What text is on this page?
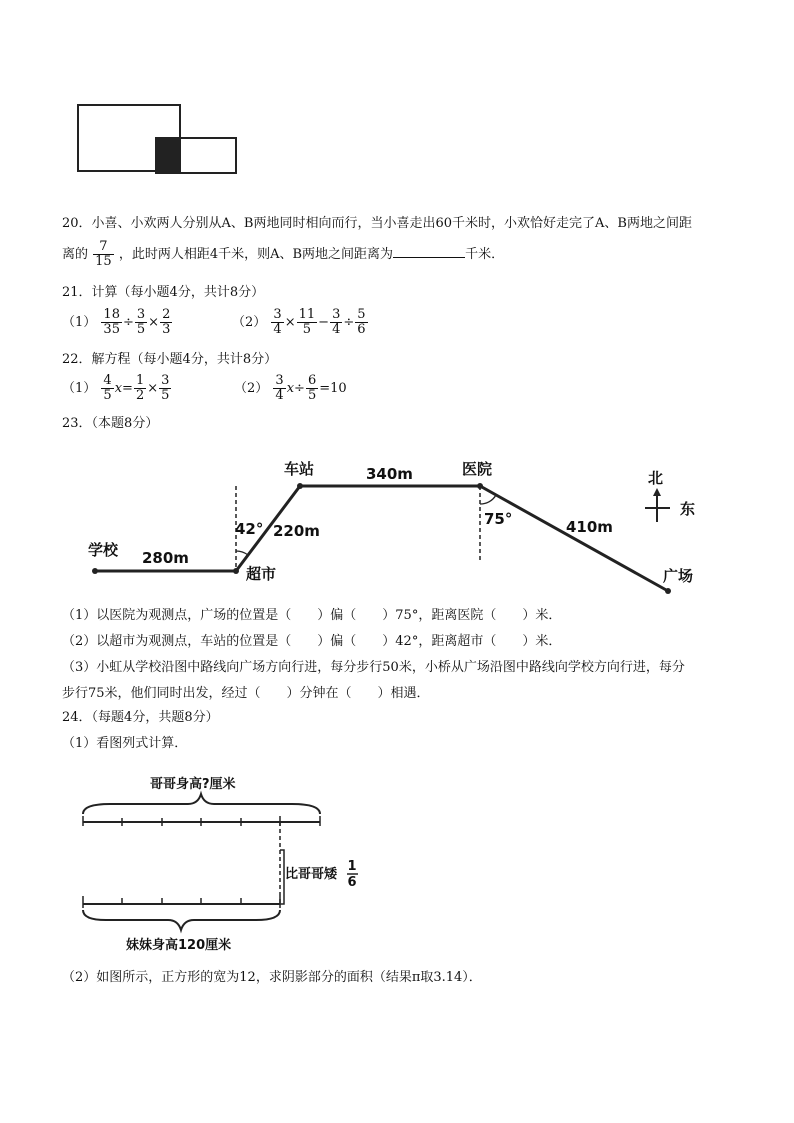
20．小喜、小欢两人分别从A、B两地同时相向而行，当小喜走出60千米时，小欢恰好走完了A、B两地之间距
离的 $\frac{7}{15}$ ，此时两人相距4千米，则A、B两地之间距离为	千米．
21．计算（每小题4分，共计8分）
$(1) \frac{18}{35} \div \frac{3}{5} \times \frac{2}{3}$	$(2) \frac{3}{4} \times \frac{11}{5} - \frac{3}{4} \div \frac{5}{6}$
22．解方程（每小题4分，共计8分）
$(1) \frac{4}{5} x= \frac{1}{2} \times \frac{3}{5}$	$(2) \frac{3}{4} x\div \frac{6}{5} =10$
23．（本题8分）
学校 280m
超市
42° 220m
车站	340m	医院
75°	410m
广场
北
东
（1）以医院为观测点，广场的位置是（　　）偏（　　）75°，距离医院（　　）米．
（2）以超市为观测点，车站的位置是（　　）偏（　　）42°，距离超市（　　）米．
（3）小虹从学校沿图中路线向广场方向行进，每分步行50米，小桥从广场沿图中路线向学校方向行进，每分
步行75米，他们同时出发，经过（　　）分钟在（　　）相遇．
24．（每题4分，共题8分）
（1）看图列式计算．
哥哥身高?厘米
比哥哥矮
1
6
妹妹身高120厘米
（2）如图所示，正方形的宽为12，求阴影部分的面积（结果π取3.14）．
